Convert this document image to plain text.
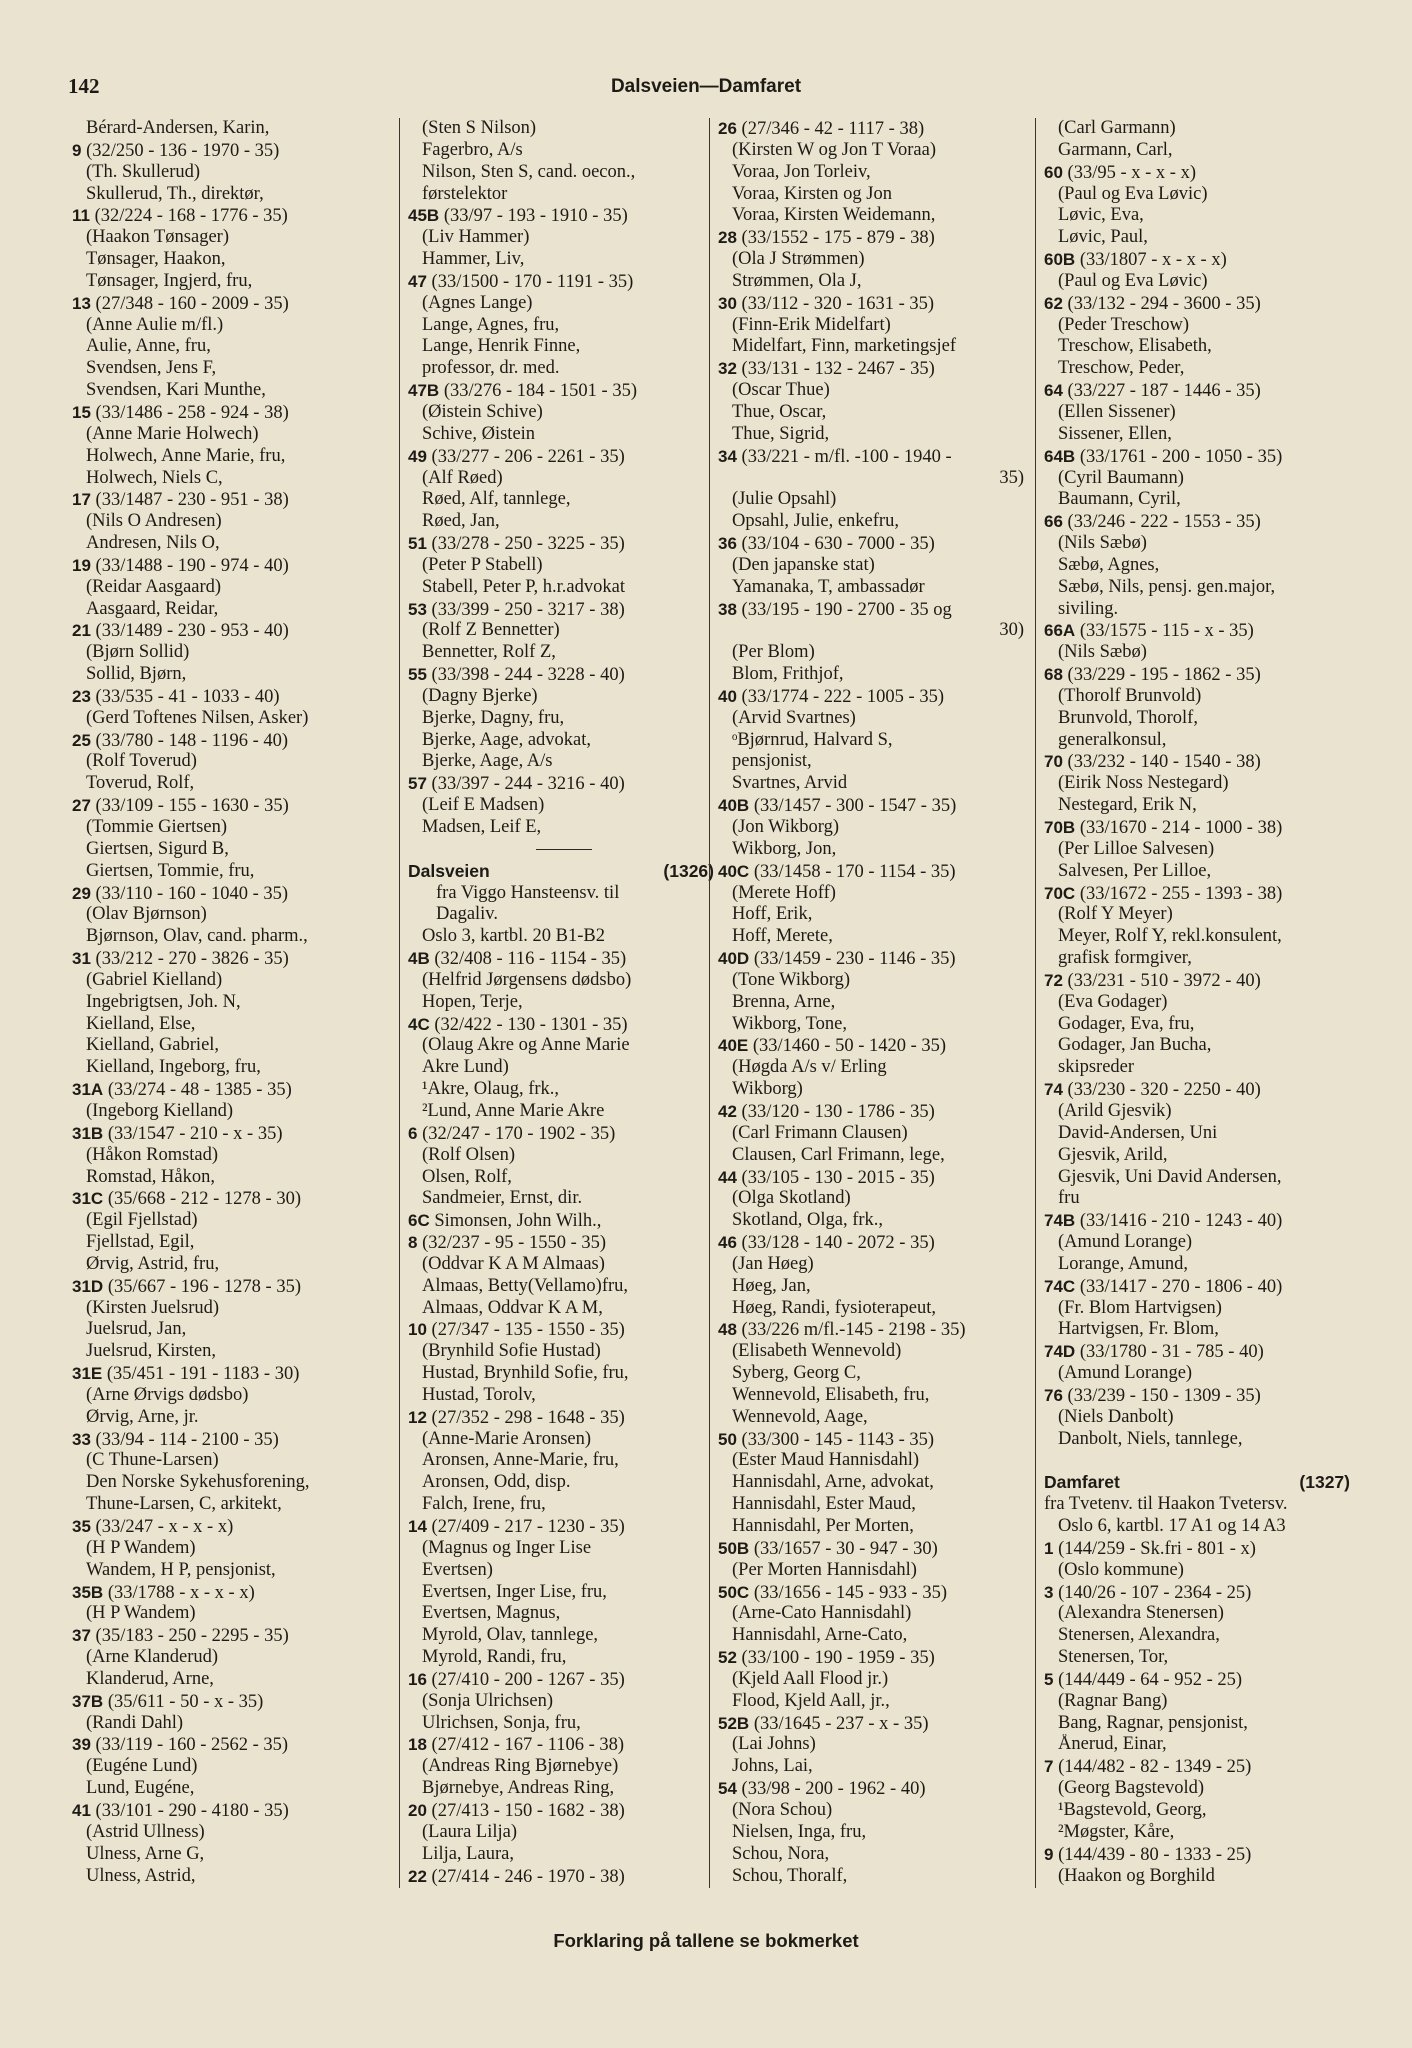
142	Dalsveien—Damfaret
Bérard-Andersen, Karin,
9 (32/250 - 136 - 1970 - 35)
(Th. Skullerud)
Skullerud, Th., direktør,
11 (32/224 - 168 - 1776 - 35)
(Haakon Tønsager)
Tønsager, Haakon,
Tønsager, Ingjerd, fru,
13 (27/348 - 160 - 2009 - 35)
(Anne Aulie m/fl.)
Aulie, Anne, fru,
Svendsen, Jens F,
Svendsen, Kari Munthe,
15 (33/1486 - 258 - 924 - 38)
(Anne Marie Holwech)
Holwech, Anne Marie, fru,
Holwech, Niels C,
17 (33/1487 - 230 - 951 - 38)
(Nils O Andresen)
Andresen, Nils O,
19 (33/1488 - 190 - 974 - 40)
(Reidar Aasgaard)
Aasgaard, Reidar,
21 (33/1489 - 230 - 953 - 40)
(Bjørn Sollid)
Sollid, Bjørn,
23 (33/535 - 41 - 1033 - 40)
(Gerd Toftenes Nilsen, Asker)
25 (33/780 - 148 - 1196 - 40)
(Rolf Toverud)
Toverud, Rolf,
27 (33/109 - 155 - 1630 - 35)
(Tommie Giertsen)
Giertsen, Sigurd B,
Giertsen, Tommie, fru,
29 (33/110 - 160 - 1040 - 35)
(Olav Bjørnson)
Bjørnson, Olav, cand. pharm.,
31 (33/212 - 270 - 3826 - 35)
(Gabriel Kielland)
Ingebrigtsen, Joh. N,
Kielland, Else,
Kielland, Gabriel,
Kielland, Ingeborg, fru,
31A (33/274 - 48 - 1385 - 35)
(Ingeborg Kielland)
31B (33/1547 - 210 - x - 35)
(Håkon Romstad)
Romstad, Håkon,
31C (35/668 - 212 - 1278 - 30)
(Egil Fjellstad)
Fjellstad, Egil,
Ørvig, Astrid, fru,
31D (35/667 - 196 - 1278 - 35)
(Kirsten Juelsrud)
Juelsrud, Jan,
Juelsrud, Kirsten,
31E (35/451 - 191 - 1183 - 30)
(Arne Ørvigs dødsbo)
Ørvig, Arne, jr.
33 (33/94 - 114 - 2100 - 35)
(C Thune-Larsen)
Den Norske Sykehusforening,
Thune-Larsen, C, arkitekt,
35 (33/247 - x - x - x)
(H P Wandem)
Wandem, H P, pensjonist,
35B (33/1788 - x - x - x)
(H P Wandem)
37 (35/183 - 250 - 2295 - 35)
(Arne Klanderud)
Klanderud, Arne,
37B (35/611 - 50 - x - 35)
(Randi Dahl)
39 (33/119 - 160 - 2562 - 35)
(Eugéne Lund)
Lund, Eugéne,
41 (33/101 - 290 - 4180 - 35)
(Astrid Ullness)
Ulness, Arne G,
Ulness, Astrid,
(Sten S Nilson)
Fagerbro, A/s
Nilson, Sten S, cand. oecon.,
førstelektor
45B (33/97 - 193 - 1910 - 35)
(Liv Hammer)
Hammer, Liv,
47 (33/1500 - 170 - 1191 - 35)
(Agnes Lange)
Lange, Agnes, fru,
Lange, Henrik Finne,
professor, dr. med.
47B (33/276 - 184 - 1501 - 35)
(Øistein Schive)
Schive, Øistein
49 (33/277 - 206 - 2261 - 35)
(Alf Røed)
Røed, Alf, tannlege,
Røed, Jan,
51 (33/278 - 250 - 3225 - 35)
(Peter P Stabell)
Stabell, Peter P, h.r.advokat
53 (33/399 - 250 - 3217 - 38)
(Rolf Z Bennetter)
Bennetter, Rolf Z,
55 (33/398 - 244 - 3228 - 40)
(Dagny Bjerke)
Bjerke, Dagny, fru,
Bjerke, Aage, advokat,
Bjerke, Aage, A/s
57 (33/397 - 244 - 3216 - 40)
(Leif E Madsen)
Madsen, Leif E,
Dalsveien	(1326)
fra Viggo Hansteensv. til
Dagaliv.
Oslo 3, kartbl. 20 B1-B2
4B (32/408 - 116 - 1154 - 35)
(Helfrid Jørgensens dødsbo)
Hopen, Terje,
4C (32/422 - 130 - 1301 - 35)
(Olaug Akre og Anne Marie
Akre Lund)
¹Akre, Olaug, frk.,
²Lund, Anne Marie Akre
6 (32/247 - 170 - 1902 - 35)
(Rolf Olsen)
Olsen, Rolf,
Sandmeier, Ernst, dir.
6C Simonsen, John Wilh.,
8 (32/237 - 95 - 1550 - 35)
(Oddvar K A M Almaas)
Almaas, Betty(Vellamo)fru,
Almaas, Oddvar K A M,
10 (27/347 - 135 - 1550 - 35)
(Brynhild Sofie Hustad)
Hustad, Brynhild Sofie, fru,
Hustad, Torolv,
12 (27/352 - 298 - 1648 - 35)
(Anne-Marie Aronsen)
Aronsen, Anne-Marie, fru,
Aronsen, Odd, disp.
Falch, Irene, fru,
14 (27/409 - 217 - 1230 - 35)
(Magnus og Inger Lise
Evertsen)
Evertsen, Inger Lise, fru,
Evertsen, Magnus,
Myrold, Olav, tannlege,
Myrold, Randi, fru,
16 (27/410 - 200 - 1267 - 35)
(Sonja Ulrichsen)
Ulrichsen, Sonja, fru,
18 (27/412 - 167 - 1106 - 38)
(Andreas Ring Bjørnebye)
Bjørnebye, Andreas Ring,
20 (27/413 - 150 - 1682 - 38)
(Laura Lilja)
Lilja, Laura,
22 (27/414 - 246 - 1970 - 38)
26 (27/346 - 42 - 1117 - 38)
(Kirsten W og Jon T Voraa)
Voraa, Jon Torleiv,
Voraa, Kirsten og Jon
Voraa, Kirsten Weidemann,
28 (33/1552 - 175 - 879 - 38)
(Ola J Strømmen)
Strømmen, Ola J,
30 (33/112 - 320 - 1631 - 35)
(Finn-Erik Midelfart)
Midelfart, Finn, marketingsjef
32 (33/131 - 132 - 2467 - 35)
(Oscar Thue)
Thue, Oscar,
Thue, Sigrid,
34 (33/221 - m/fl. -100 - 1940 -
35)
(Julie Opsahl)
Opsahl, Julie, enkefru,
36 (33/104 - 630 - 7000 - 35)
(Den japanske stat)
Yamanaka, T, ambassadør
38 (33/195 - 190 - 2700 - 35 og
30)
(Per Blom)
Blom, Frithjof,
40 (33/1774 - 222 - 1005 - 35)
(Arvid Svartnes)
ᵒBjørnrud, Halvard S,
pensjonist,
Svartnes, Arvid
40B (33/1457 - 300 - 1547 - 35)
(Jon Wikborg)
Wikborg, Jon,
40C (33/1458 - 170 - 1154 - 35)
(Merete Hoff)
Hoff, Erik,
Hoff, Merete,
40D (33/1459 - 230 - 1146 - 35)
(Tone Wikborg)
Brenna, Arne,
Wikborg, Tone,
40E (33/1460 - 50 - 1420 - 35)
(Høgda A/s v/ Erling
Wikborg)
42 (33/120 - 130 - 1786 - 35)
(Carl Frimann Clausen)
Clausen, Carl Frimann, lege,
44 (33/105 - 130 - 2015 - 35)
(Olga Skotland)
Skotland, Olga, frk.,
46 (33/128 - 140 - 2072 - 35)
(Jan Høeg)
Høeg, Jan,
Høeg, Randi, fysioterapeut,
48 (33/226 m/fl.-145 - 2198 - 35)
(Elisabeth Wennevold)
Syberg, Georg C,
Wennevold, Elisabeth, fru,
Wennevold, Aage,
50 (33/300 - 145 - 1143 - 35)
(Ester Maud Hannisdahl)
Hannisdahl, Arne, advokat,
Hannisdahl, Ester Maud,
Hannisdahl, Per Morten,
50B (33/1657 - 30 - 947 - 30)
(Per Morten Hannisdahl)
50C (33/1656 - 145 - 933 - 35)
(Arne-Cato Hannisdahl)
Hannisdahl, Arne-Cato,
52 (33/100 - 190 - 1959 - 35)
(Kjeld Aall Flood jr.)
Flood, Kjeld Aall, jr.,
52B (33/1645 - 237 - x - 35)
(Lai Johns)
Johns, Lai,
54 (33/98 - 200 - 1962 - 40)
(Nora Schou)
Nielsen, Inga, fru,
Schou, Nora,
Schou, Thoralf,
(Carl Garmann)
Garmann, Carl,
60 (33/95 - x - x - x)
(Paul og Eva Løvic)
Løvic, Eva,
Løvic, Paul,
60B (33/1807 - x - x - x)
(Paul og Eva Løvic)
62 (33/132 - 294 - 3600 - 35)
(Peder Treschow)
Treschow, Elisabeth,
Treschow, Peder,
64 (33/227 - 187 - 1446 - 35)
(Ellen Sissener)
Sissener, Ellen,
64B (33/1761 - 200 - 1050 - 35)
(Cyril Baumann)
Baumann, Cyril,
66 (33/246 - 222 - 1553 - 35)
(Nils Sæbø)
Sæbø, Agnes,
Sæbø, Nils, pensj. gen.major,
siviling.
66A (33/1575 - 115 - x - 35)
(Nils Sæbø)
68 (33/229 - 195 - 1862 - 35)
(Thorolf Brunvold)
Brunvold, Thorolf,
generalkonsul,
70 (33/232 - 140 - 1540 - 38)
(Eirik Noss Nestegard)
Nestegard, Erik N,
70B (33/1670 - 214 - 1000 - 38)
(Per Lilloe Salvesen)
Salvesen, Per Lilloe,
70C (33/1672 - 255 - 1393 - 38)
(Rolf Y Meyer)
Meyer, Rolf Y, rekl.konsulent,
grafisk formgiver,
72 (33/231 - 510 - 3972 - 40)
(Eva Godager)
Godager, Eva, fru,
Godager, Jan Bucha,
skipsreder
74 (33/230 - 320 - 2250 - 40)
(Arild Gjesvik)
David-Andersen, Uni
Gjesvik, Arild,
Gjesvik, Uni David Andersen,
fru
74B (33/1416 - 210 - 1243 - 40)
(Amund Lorange)
Lorange, Amund,
74C (33/1417 - 270 - 1806 - 40)
(Fr. Blom Hartvigsen)
Hartvigsen, Fr. Blom,
74D (33/1780 - 31 - 785 - 40)
(Amund Lorange)
76 (33/239 - 150 - 1309 - 35)
(Niels Danbolt)
Danbolt, Niels, tannlege,
Damfaret	(1327)
fra Tvetenv. til Haakon Tvetersv.
Oslo 6, kartbl. 17 A1 og 14 A3
1 (144/259 - Sk.fri - 801 - x)
(Oslo kommune)
3 (140/26 - 107 - 2364 - 25)
(Alexandra Stenersen)
Stenersen, Alexandra,
Stenersen, Tor,
5 (144/449 - 64 - 952 - 25)
(Ragnar Bang)
Bang, Ragnar, pensjonist,
Ånerud, Einar,
7 (144/482 - 82 - 1349 - 25)
(Georg Bagstevold)
¹Bagstevold, Georg,
²Møgster, Kåre,
9 (144/439 - 80 - 1333 - 25)
(Haakon og Borghild
Forklaring på tallene se bokmerket
